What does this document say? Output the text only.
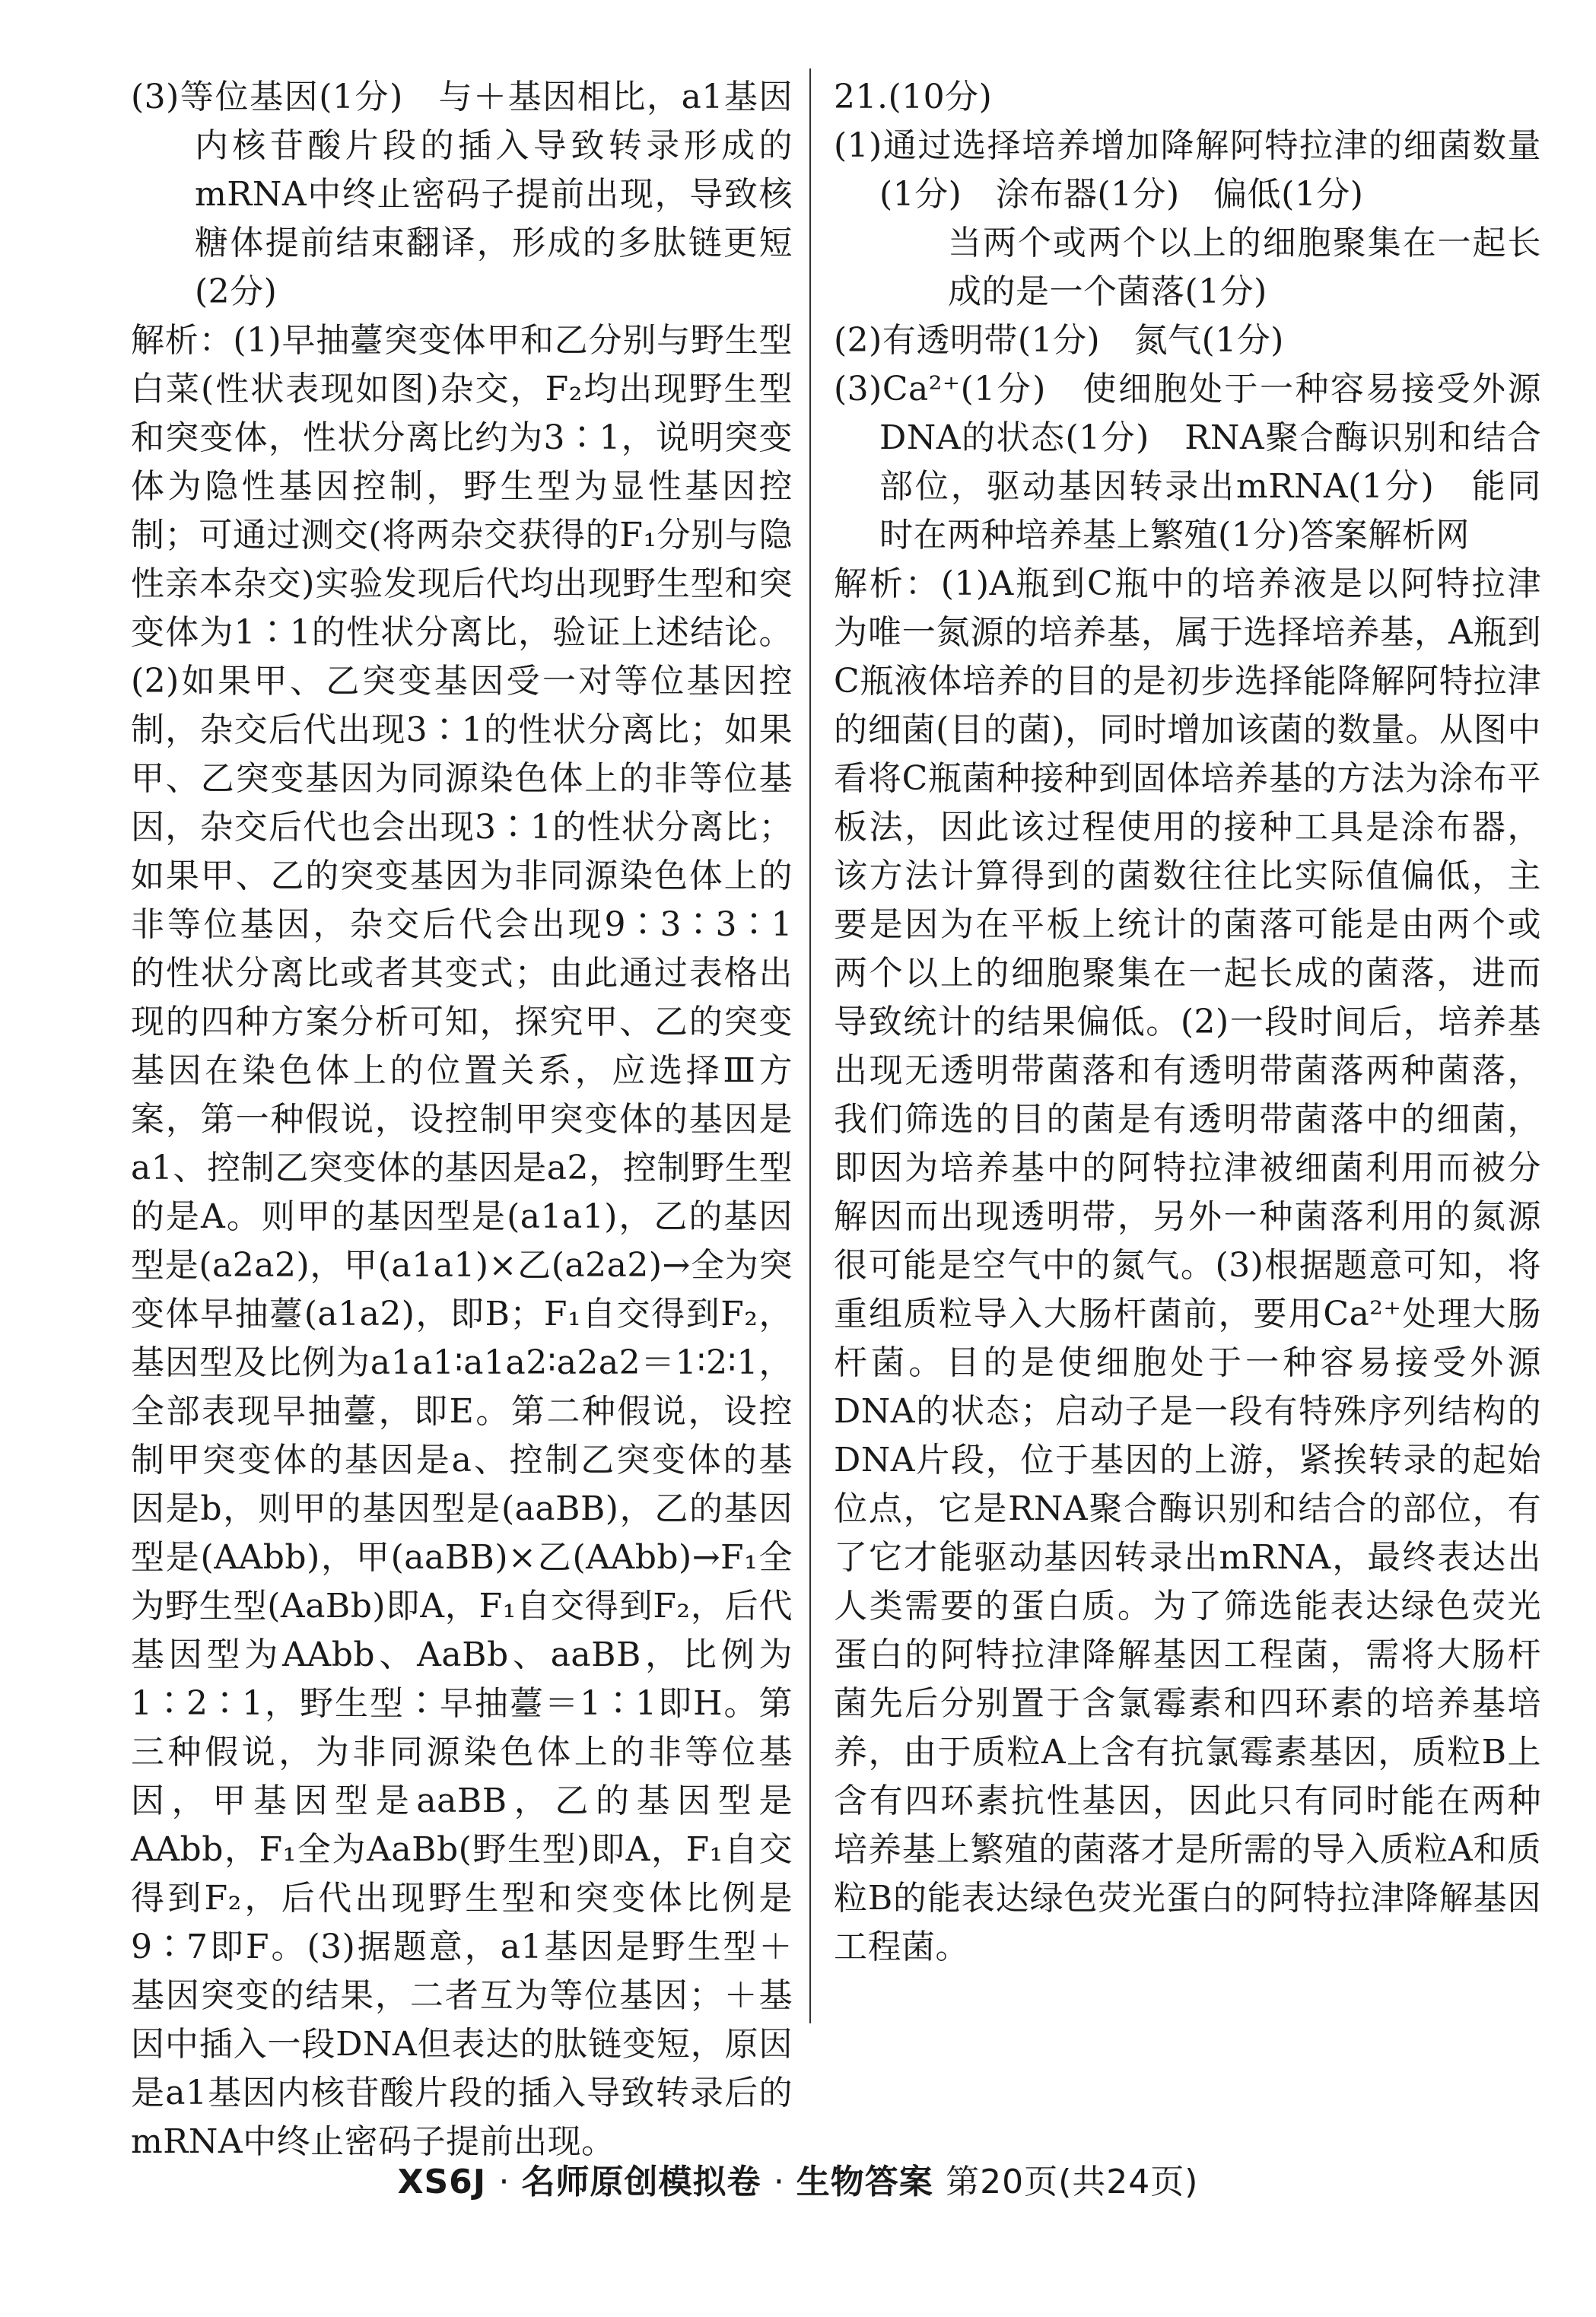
(3)等位基因(1分)　与＋基因相比，a1基因内核苷酸片段的插入导致转录形成的mRNA中终止密码子提前出现，导致核糖体提前结束翻译，形成的多肽链更短(2分)

解析：(1)早抽薹突变体甲和乙分别与野生型白菜(性状表现如图)杂交，F₂均出现野生型和突变体，性状分离比约为3∶1，说明突变体为隐性基因控制，野生型为显性基因控制；可通过测交(将两杂交获得的F₁分别与隐性亲本杂交)实验发现后代均出现野生型和突变体为1∶1的性状分离比，验证上述结论。(2)如果甲、乙突变基因受一对等位基因控制，杂交后代出现3∶1的性状分离比；如果甲、乙突变基因为同源染色体上的非等位基因，杂交后代也会出现3∶1的性状分离比；如果甲、乙的突变基因为非同源染色体上的非等位基因，杂交后代会出现9∶3∶3∶1的性状分离比或者其变式；由此通过表格出现的四种方案分析可知，探究甲、乙的突变基因在染色体上的位置关系，应选择Ⅲ方案，第一种假说，设控制甲突变体的基因是a1、控制乙突变体的基因是a2，控制野生型的是A。则甲的基因型是(a1a1)，乙的基因型是(a2a2)，甲(a1a1)×乙(a2a2)→全为突变体早抽薹(a1a2)，即B；F₁自交得到F₂，基因型及比例为a1a1∶a1a2∶a2a2＝1∶2∶1，全部表现早抽薹，即E。第二种假说，设控制甲突变体的基因是a、控制乙突变体的基因是b，则甲的基因型是(aaBB)，乙的基因型是(AAbb)，甲(aaBB)×乙(AAbb)→F₁全为野生型(AaBb)即A，F₁自交得到F₂，后代基因型为AAbb、AaBb、aaBB，比例为1∶2∶1，野生型∶早抽薹＝1∶1即H。第三种假说，为非同源染色体上的非等位基因，甲基因型是aaBB，乙的基因型是AAbb，F₁全为AaBb(野生型)即A，F₁自交得到F₂，后代出现野生型和突变体比例是9∶7即F。(3)据题意，a1基因是野生型＋基因突变的结果，二者互为等位基因；＋基因中插入一段DNA但表达的肽链变短，原因是a1基因内核苷酸片段的插入导致转录后的mRNA中终止密码子提前出现。

21.(10分)

(1)通过选择培养增加降解阿特拉津的细菌数量(1分)　涂布器(1分)　偏低(1分)

当两个或两个以上的细胞聚集在一起长成的是一个菌落(1分)

(2)有透明带(1分)　氮气(1分)

(3)Ca²⁺(1分)　使细胞处于一种容易接受外源DNA的状态(1分)　RNA聚合酶识别和结合部位，驱动基因转录出mRNA(1分)　能同时在两种培养基上繁殖(1分)答案解析网

解析：(1)A瓶到C瓶中的培养液是以阿特拉津为唯一氮源的培养基，属于选择培养基，A瓶到C瓶液体培养的目的是初步选择能降解阿特拉津的细菌(目的菌)，同时增加该菌的数量。从图中看将C瓶菌种接种到固体培养基的方法为涂布平板法，因此该过程使用的接种工具是涂布器，该方法计算得到的菌数往往比实际值偏低，主要是因为在平板上统计的菌落可能是由两个或两个以上的细胞聚集在一起长成的菌落，进而导致统计的结果偏低。(2)一段时间后，培养基出现无透明带菌落和有透明带菌落两种菌落，我们筛选的目的菌是有透明带菌落中的细菌，即因为培养基中的阿特拉津被细菌利用而被分解因而出现透明带，另外一种菌落利用的氮源很可能是空气中的氮气。(3)根据题意可知，将重组质粒导入大肠杆菌前，要用Ca²⁺处理大肠杆菌。目的是使细胞处于一种容易接受外源DNA的状态；启动子是一段有特殊序列结构的DNA片段，位于基因的上游，紧挨转录的起始位点，它是RNA聚合酶识别和结合的部位，有了它才能驱动基因转录出mRNA，最终表达出人类需要的蛋白质。为了筛选能表达绿色荧光蛋白的阿特拉津降解基因工程菌，需将大肠杆菌先后分别置于含氯霉素和四环素的培养基培养，由于质粒A上含有抗氯霉素基因，质粒B上含有四环素抗性基因，因此只有同时能在两种培养基上繁殖的菌落才是所需的导入质粒A和质粒B的能表达绿色荧光蛋白的阿特拉津降解基因工程菌。

XS6J · 名师原创模拟卷 · 生物答案 第20页(共24页)
